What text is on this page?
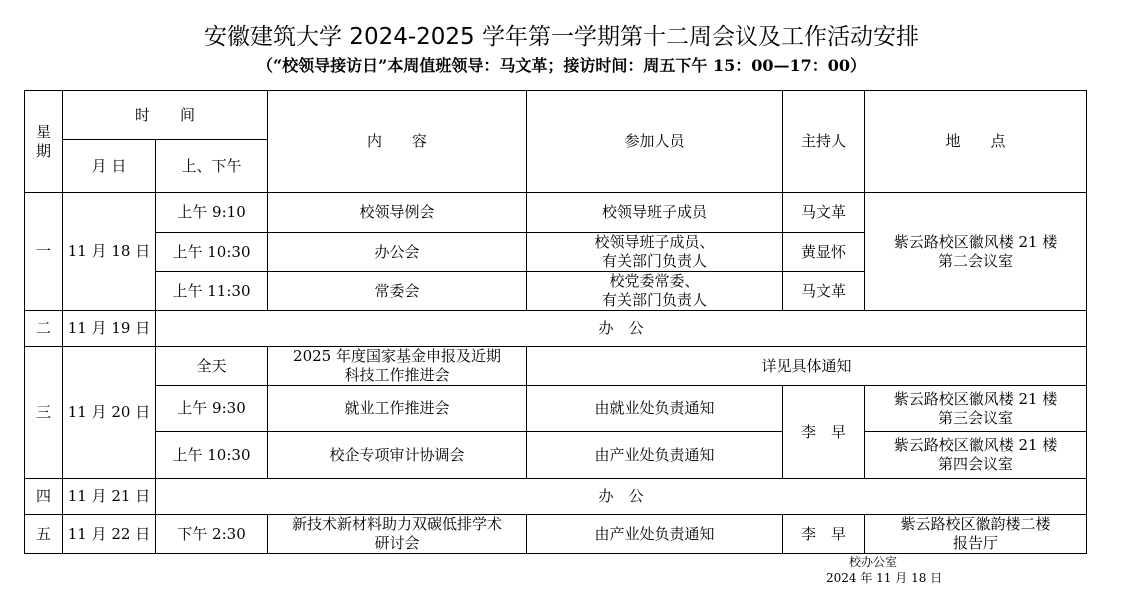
安徽建筑大学 2024-2025 学年第一学期第十二周会议及工作活动安排
（“校领导接访日”本周值班领导：马文革；接访时间：周五下午 15：00—17：00）
星
期	时　　间		内　　容	参加人员	主持人	地　　点
	月 日	上、下午				
一	11 月 18 日	上午 9:10	校领导例会	校领导班子成员	马文革	紫云路校区徽风楼 21 楼
第二会议室
		上午 10:30	办公会	校领导班子成员、
有关部门负责人	黄显怀	
		上午 11:30	常委会	校党委常委、
有关部门负责人	马文革	
二	11 月 19 日	办　公				
三	11 月 20 日	全天	2025 年度国家基金申报及近期
科技工作推进会	详见具体通知		
		上午 9:30	就业工作推进会	由就业处负责通知	李　早	紫云路校区徽风楼 21 楼
第三会议室
		上午 10:30	校企专项审计协调会	由产业处负责通知		紫云路校区徽风楼 21 楼
第四会议室
四	11 月 21 日	办　公				
五	11 月 22 日	下午 2:30	新技术新材料助力双碳低排学术
研讨会	由产业处负责通知	李　早	紫云路校区徽韵楼二楼
报告厅
校办公室
2024 年 11 月 18 日
